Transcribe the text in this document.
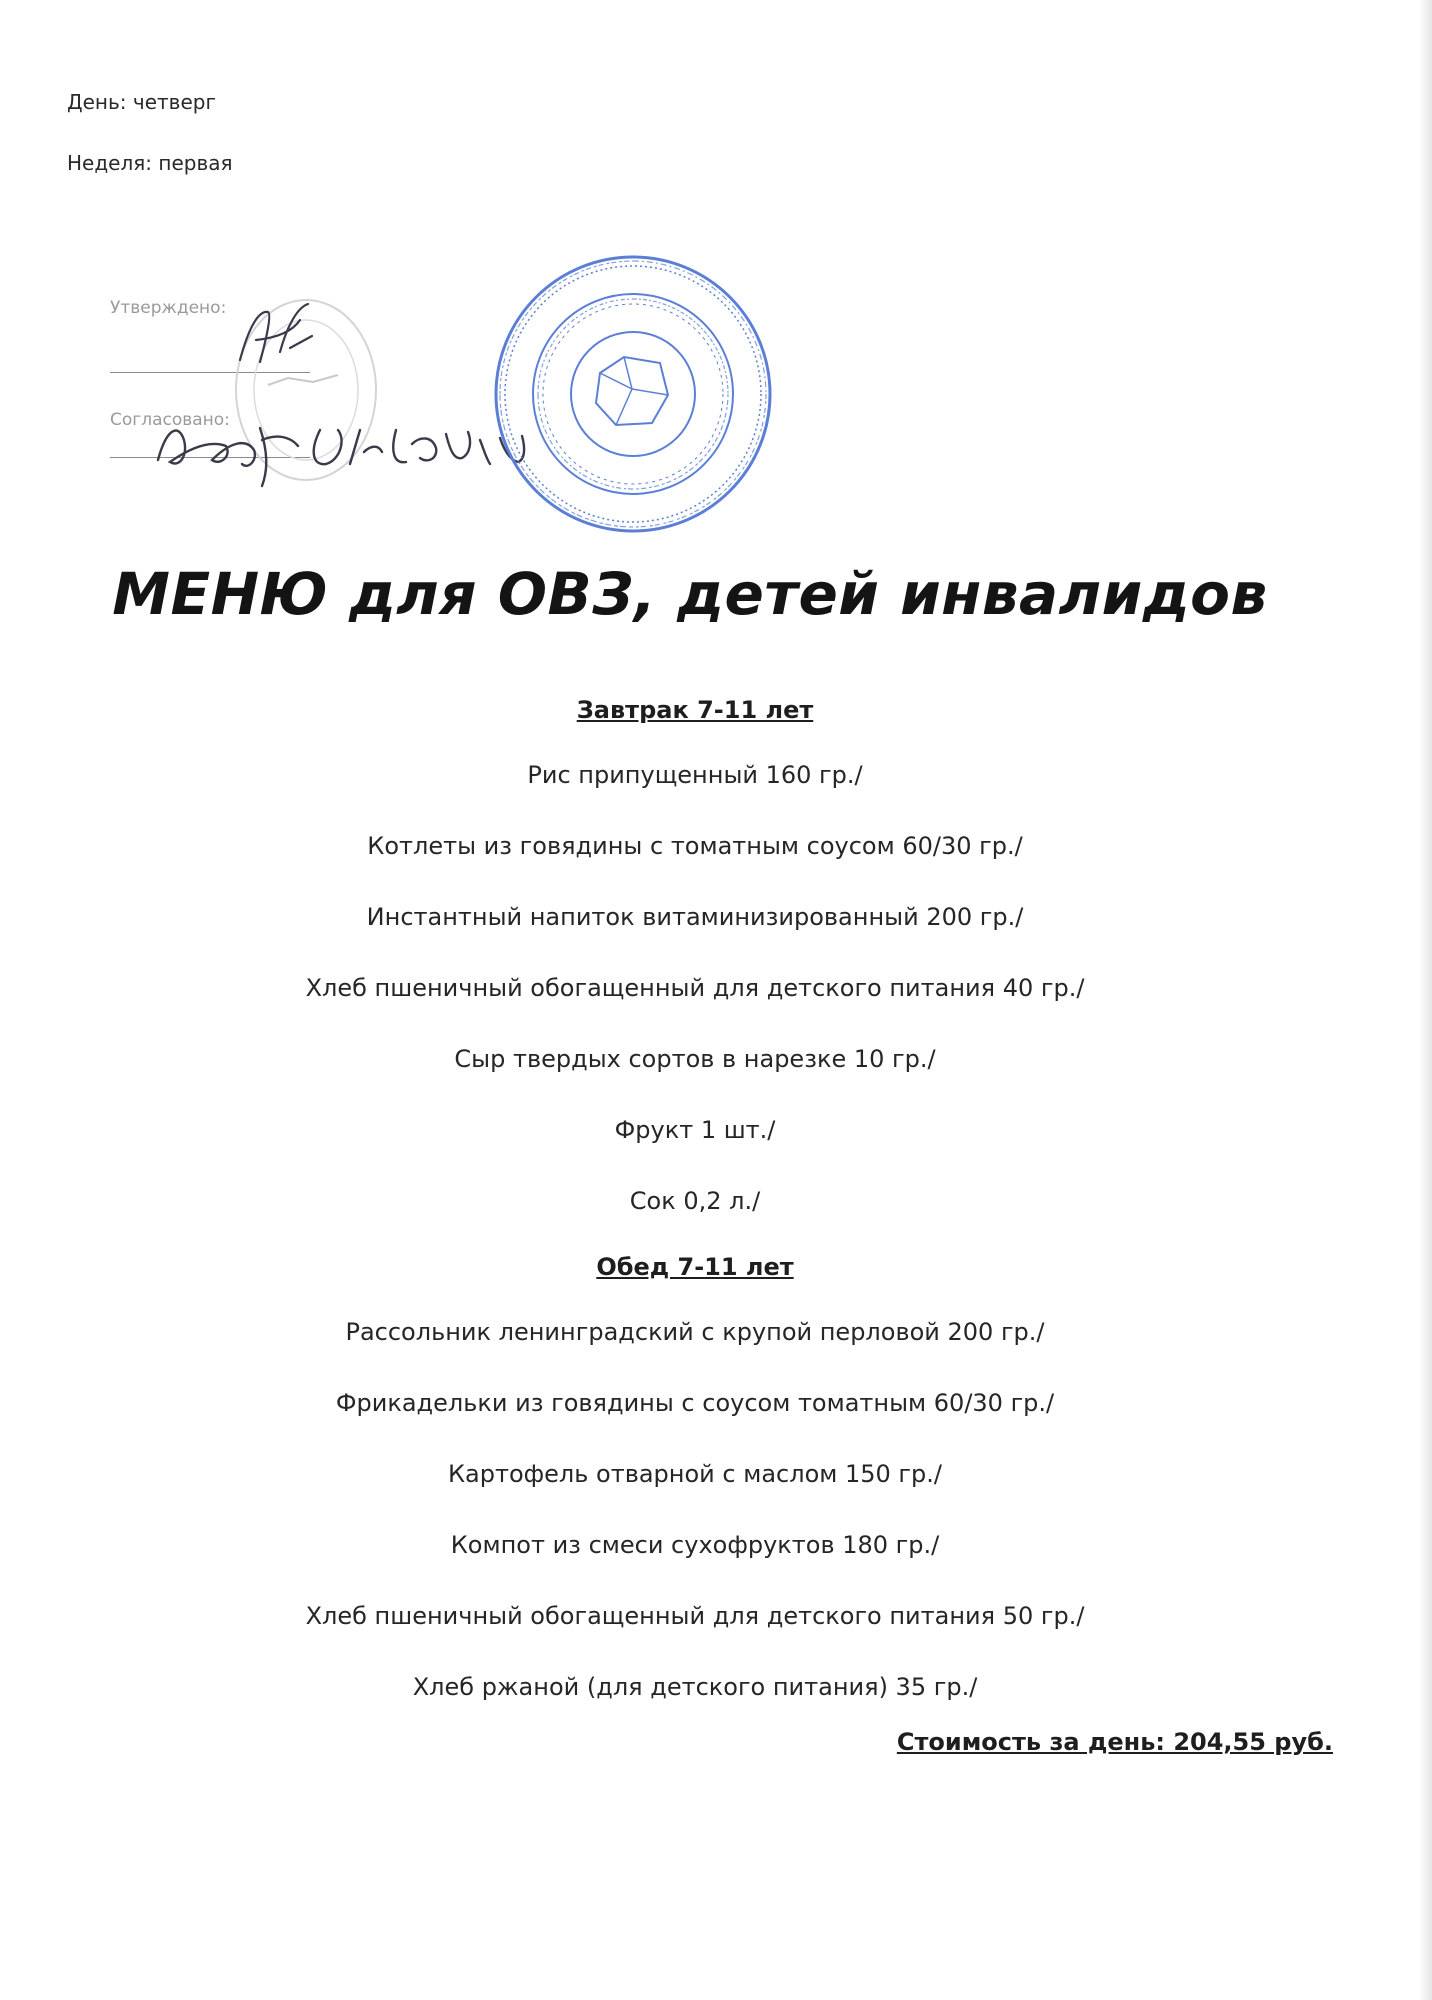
День: четверг
Неделя: первая
Утверждено:
Согласовано:
МЕНЮ для ОВЗ, детей инвалидов
Завтрак 7-11 лет
Рис припущенный 160 гр./
Котлеты из говядины с томатным соусом 60/30 гр./
Инстантный напиток витаминизированный 200 гр./
Хлеб пшеничный обогащенный для детского питания 40 гр./
Сыр твердых сортов в нарезке 10 гр./
Фрукт 1 шт./
Сок 0,2 л./
Обед 7-11 лет
Рассольник ленинградский с крупой перловой 200 гр./
Фрикадельки из говядины с соусом томатным 60/30 гр./
Картофель отварной с маслом 150 гр./
Компот из смеси сухофруктов 180 гр./
Хлеб пшеничный обогащенный для детского питания 50 гр./
Хлеб ржаной (для детского питания) 35 гр./
Стоимость за день: 204,55 руб.
